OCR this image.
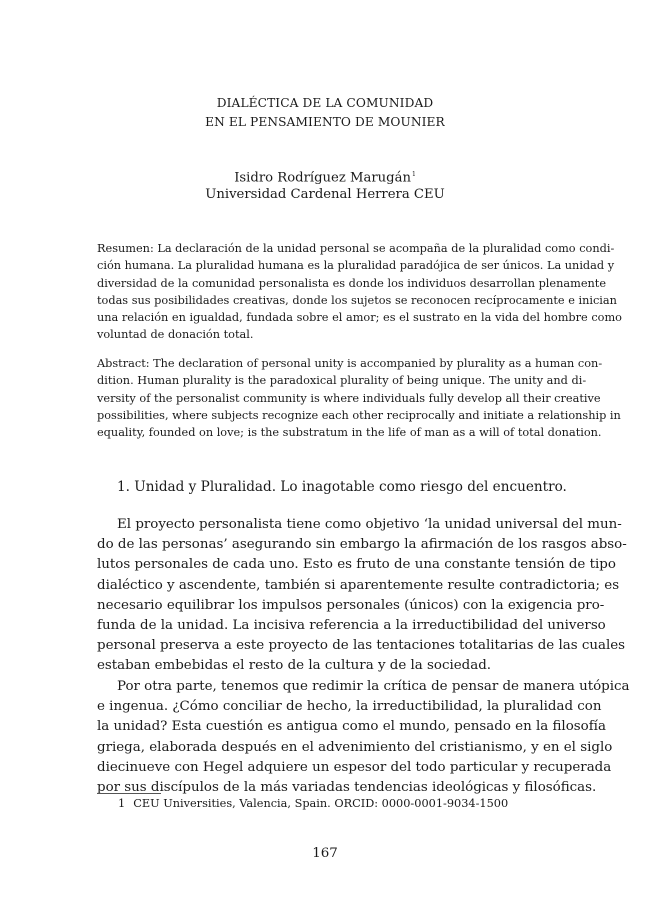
DIALÉCTICA DE LA COMUNIDAD
EN EL PENSAMIENTO DE MOUNIER
Isidro Rodríguez Marugán$^1$
Universidad Cardenal Herrera CEU
Resumen: La declaración de la unidad personal se acompaña de la pluralidad como condi-
ción humana. La pluralidad humana es la pluralidad paradójica de ser únicos. La unidad y
diversidad de la comunidad personalista es donde los individuos desarrollan plenamente
todas sus posibilidades creativas, donde los sujetos se reconocen recíprocamente e inician
una relación en igualdad, fundada sobre el amor; es el sustrato en la vida del hombre como
voluntad de donación total.
Abstract: The declaration of personal unity is accompanied by plurality as a human con-
dition. Human plurality is the paradoxical plurality of being unique. The unity and di-
versity of the personalist community is where individuals fully develop all their creative
possibilities, where subjects recognize each other reciprocally and initiate a relationship in
equality, founded on love; is the substratum in the life of man as a will of total donation.
1. Unidad y Pluralidad. Lo inagotable como riesgo del encuentro.
El proyecto personalista tiene como objetivo ‘la unidad universal del mun-
do de las personas’ asegurando sin embargo la afirmación de los rasgos abso-
lutos personales de cada uno. Esto es fruto de una constante tensión de tipo
dialéctico y ascendente, también si aparentemente resulte contradictoria; es
necesario equilibrar los impulsos personales (únicos) con la exigencia pro-
funda de la unidad. La incisiva referencia a la irreductibilidad del universo
personal preserva a este proyecto de las tentaciones totalitarias de las cuales
estaban embebidas el resto de la cultura y de la sociedad.
Por otra parte, tenemos que redimir la crítica de pensar de manera utópica
e ingenua. ¿Cómo conciliar de hecho, la irreductibilidad, la pluralidad con
la unidad? Esta cuestión es antigua como el mundo, pensado en la filosofía
griega, elaborada después en el advenimiento del cristianismo, y en el siglo
diecinueve con Hegel adquiere un espesor del todo particular y recuperada
por sus discípulos de la más variadas tendencias ideológicas y filosóficas.
1 CEU Universities, Valencia, Spain. ORCID: 0000-0001-9034-1500
167
